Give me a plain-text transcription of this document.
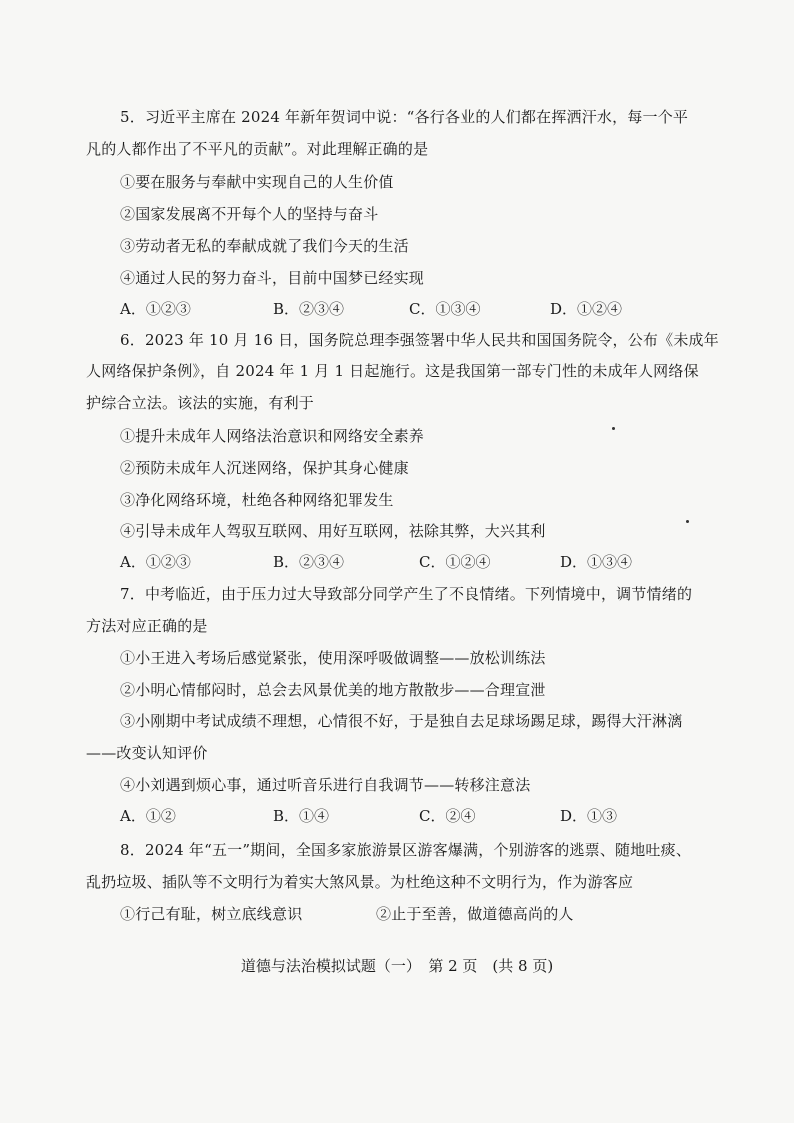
5．习近平主席在 2024 年新年贺词中说：“各行各业的人们都在挥洒汗水，每一个平
凡的人都作出了不平凡的贡献”。对此理解正确的是
①要在服务与奉献中实现自己的人生价值
②国家发展离不开每个人的坚持与奋斗
③劳动者无私的奉献成就了我们今天的生活
④通过人民的努力奋斗，目前中国梦已经实现
A．①②③	B．②③④	C．①③④	D．①②④
6．2023 年 10 月 16 日，国务院总理李强签署中华人民共和国国务院令，公布《未成年
人网络保护条例》，自 2024 年 1 月 1 日起施行。这是我国第一部专门性的未成年人网络保
护综合立法。该法的实施，有利于
①提升未成年人网络法治意识和网络安全素养
②预防未成年人沉迷网络，保护其身心健康
③净化网络环境，杜绝各种网络犯罪发生
④引导未成年人驾驭互联网、用好互联网，祛除其弊，大兴其利
A．①②③	B．②③④	C．①②④	D．①③④
7．中考临近，由于压力过大导致部分同学产生了不良情绪。下列情境中，调节情绪的
方法对应正确的是
①小王进入考场后感觉紧张，使用深呼吸做调整——放松训练法
②小明心情郁闷时，总会去风景优美的地方散散步——合理宣泄
③小刚期中考试成绩不理想，心情很不好，于是独自去足球场踢足球，踢得大汗淋漓
——改变认知评价
④小刘遇到烦心事，通过听音乐进行自我调节——转移注意法
A．①②	B．①④	C．②④	D．①③
8．2024 年“五一”期间，全国多家旅游景区游客爆满，个别游客的逃票、随地吐痰、
乱扔垃圾、插队等不文明行为着实大煞风景。为杜绝这种不文明行为，作为游客应
①行己有耻，树立底线意识	②止于至善，做道德高尚的人
道德与法治模拟试题（一）　第 2 页　(共 8 页)
